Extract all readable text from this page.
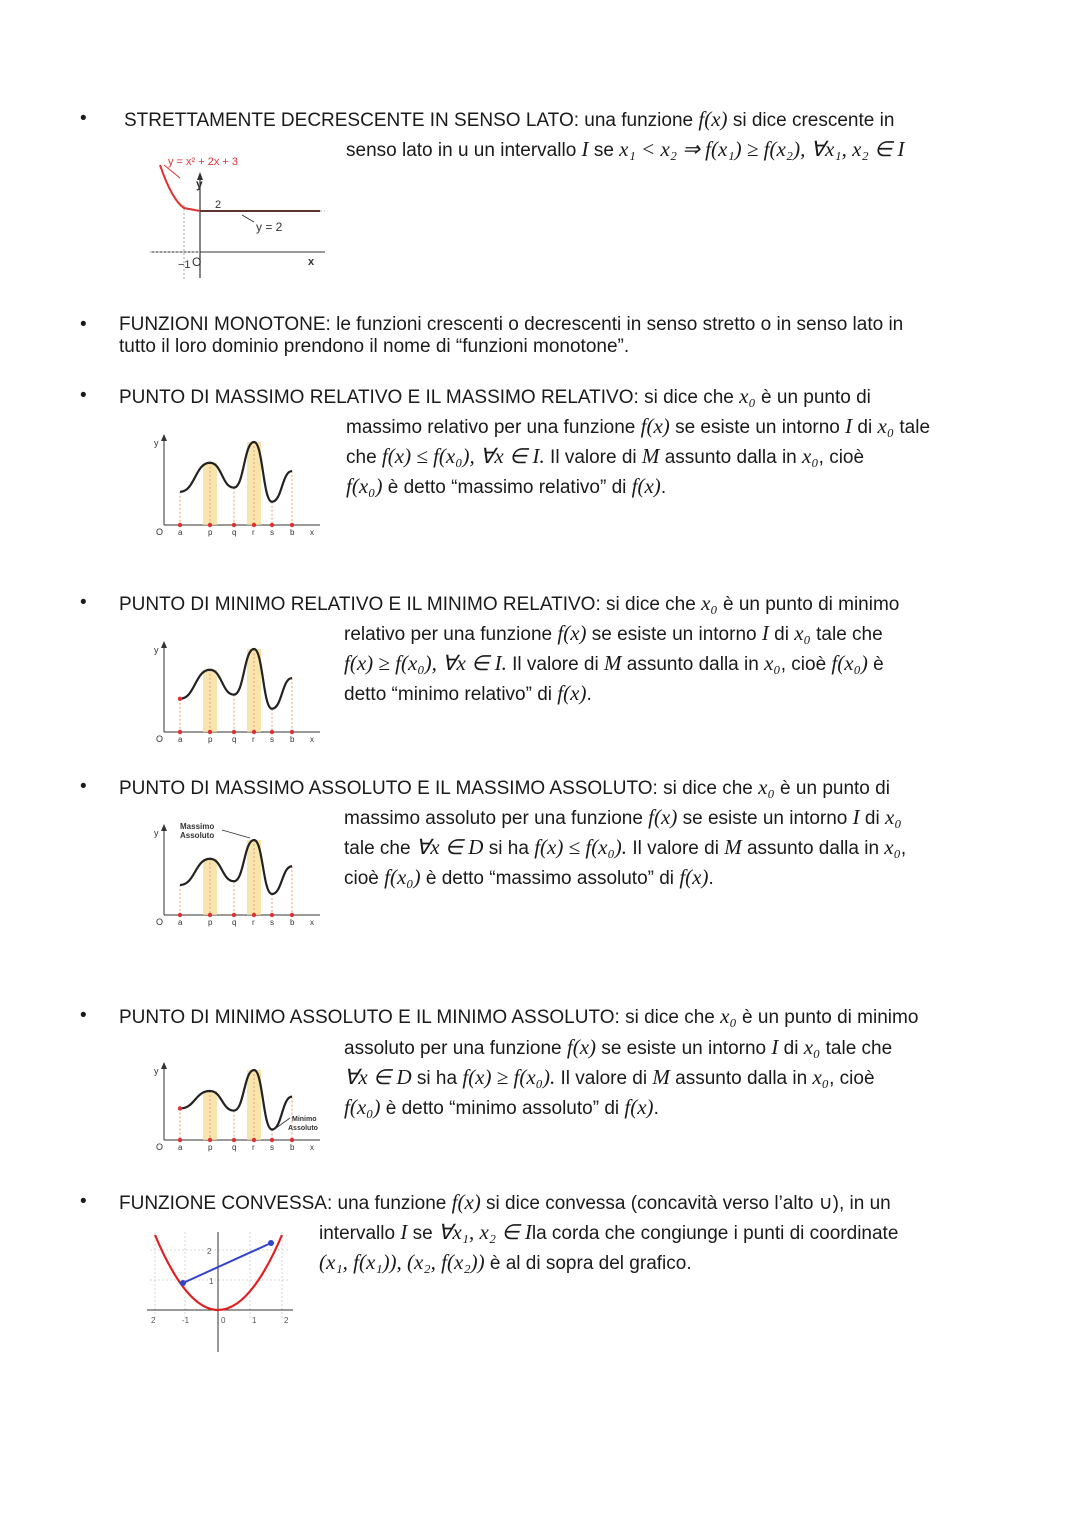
• STRETTAMENTE DECRESCENTE IN SENSO LATO: una funzione f(x) si dice crescente in
senso lato in u un intervallo I se x₁ < x₂ ⇒ f(x₁) ≥ f(x₂), ∀x₁, x₂ ∈ I
y = x² + 2x + 3
y
2
y = 2
−1 O	x
• FUNZIONI MONOTONE: le funzioni crescenti o decrescenti in senso stretto o in senso lato in
tutto il loro dominio prendono il nome di “funzioni monotone”.
• PUNTO DI MASSIMO RELATIVO E IL MASSIMO RELATIVO: si dice che x₀ è un punto di
massimo relativo per una funzione f(x) se esiste un intorno I di x₀ tale
che f(x) ≤ f(x₀), ∀x ∈ I. Il valore di M assunto dalla in x₀, cioè
f(x₀) è detto “massimo relativo” di f(x).
• PUNTO DI MINIMO RELATIVO E IL MINIMO RELATIVO: si dice che x₀ è un punto di minimo
relativo per una funzione f(x) se esiste un intorno I di x₀ tale che
f(x) ≥ f(x₀), ∀x ∈ I. Il valore di M assunto dalla in x₀, cioè f(x₀) è
detto “minimo relativo” di f(x).
• PUNTO DI MASSIMO ASSOLUTO E IL MASSIMO ASSOLUTO: si dice che x₀ è un punto di
massimo assoluto per una funzione f(x) se esiste un intorno I di x₀
tale che ∀x ∈ D si ha f(x) ≤ f(x₀). Il valore di M assunto dalla in x₀,
cioè f(x₀) è detto “massimo assoluto” di f(x).
• PUNTO DI MINIMO ASSOLUTO E IL MINIMO ASSOLUTO: si dice che x₀ è un punto di minimo
assoluto per una funzione f(x) se esiste un intorno I di x₀ tale che
∀x ∈ D si ha f(x) ≥ f(x₀). Il valore di M assunto dalla in x₀, cioè
f(x₀) è detto “minimo assoluto” di f(x).
• FUNZIONE CONVESSA: una funzione f(x) si dice convessa (concavità verso l’alto ∪), in un
intervallo I se ∀x₁, x₂ ∈ Ila corda che congiunge i punti di coordinate
(x₁, f(x₁)), (x₂, f(x₂)) è al di sopra del grafico.
2
1
2	-1	0	1	2
y
O	x
a	p q r s b
y
O	x
a	p q r s b
y
O	x
a	p q r s b
Massimo
Assoluto
y
O	x
a	p q r s b
Minimo
Assoluto
